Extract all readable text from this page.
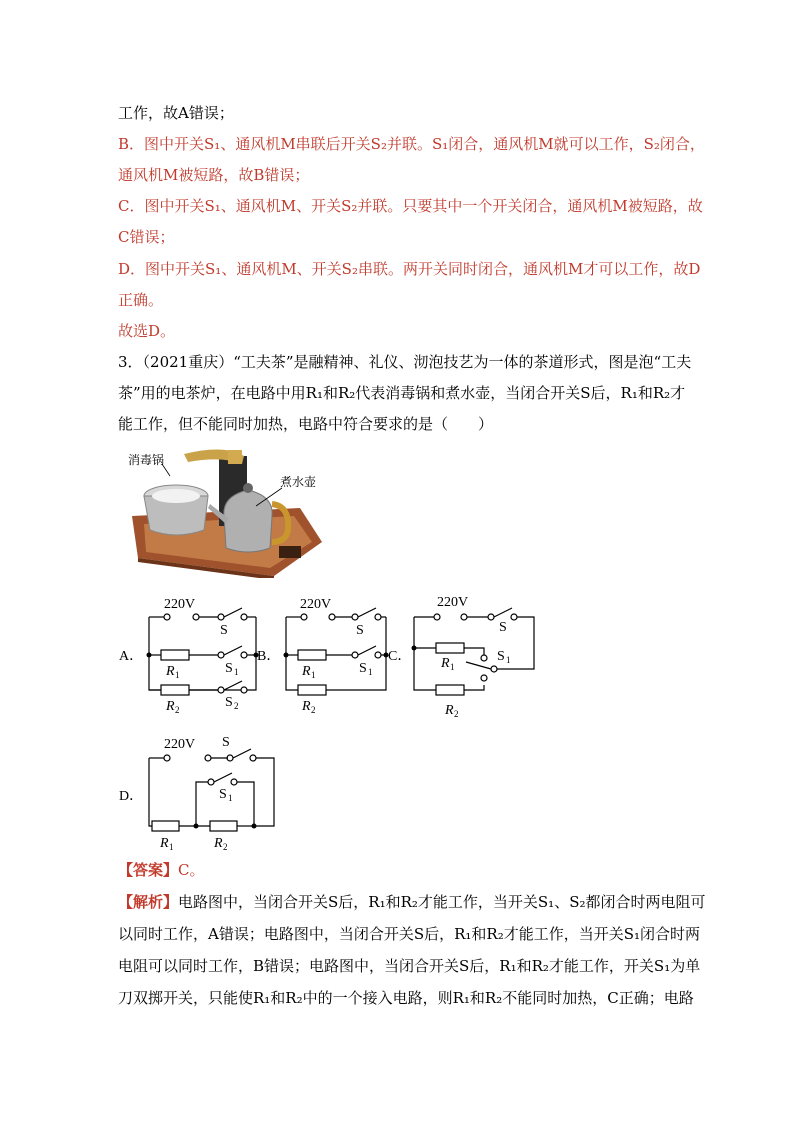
工作，故A错误；
B．图中开关S₁、通风机M串联后开关S₂并联。S₁闭合，通风机M就可以工作，S₂闭合，
通风机M被短路，故B错误；
C．图中开关S₁、通风机M、开关S₂并联。只要其中一个开关闭合，通风机M被短路，故
C错误；
D．图中开关S₁、通风机M、开关S₂串联。两开关同时闭合，通风机M才可以工作，故D
正确。
故选D。
3．（2021重庆）“工夫茶”是融精神、礼仪、沏泡技艺为一体的茶道形式，图是泡“工夫
茶”用的电茶炉，在电路中用R₁和R₂代表消毒锅和煮水壶，当闭合开关S后，R₁和R₂才
能工作，但不能同时加热，电路中符合要求的是（　　）
消毒锅
煮水壶
220V
S
R 1	S 1
R 2	S 2
220V
S
R 1	S 1
R 2
220V
S
R 1
S 1
R 2
A．	B．	C．
220V S
S 1
R 1	R 2
D．
【答案】C。
【解析】电路图中，当闭合开关S后，R₁和R₂才能工作，当开关S₁、S₂都闭合时两电阻可
以同时工作，A错误；电路图中，当闭合开关S后，R₁和R₂才能工作，当开关S₁闭合时两
电阻可以同时工作，B错误；电路图中，当闭合开关S后，R₁和R₂才能工作，开关S₁为单
刀双掷开关，只能使R₁和R₂中的一个接入电路，则R₁和R₂不能同时加热，C正确；电路
